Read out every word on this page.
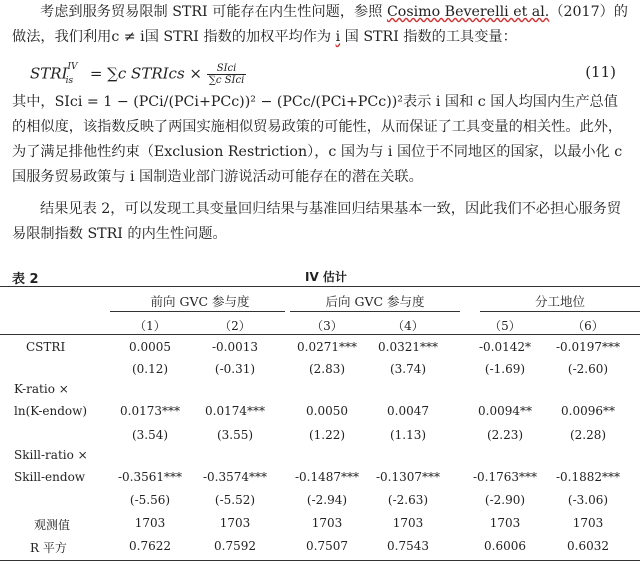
考虑到服务贸易限制 STRI 可能存在内生性问题，参照 Cosimo Beverelli et al.（2017）的做法，我们利用c ≠ i国 STRI 指数的加权平均作为 i 国 STRI 指数的工具变量：
$STRI^{IV}_{is} = \sum c$ STRIcs × $\frac{\text{SIci}}{\text{∑c SIci}}$	(11)
其中，SIci = 1 − (PCi/(PCi+PCc))² − (PCc/(PCi+PCc))²表示 i 国和 c 国人均国内生产总值的相似度，该指数反映了两国实施相似贸易政策的可能性，从而保证了工具变量的相关性。此外，为了满足排他性约束（Exclusion Restriction），c 国为与 i 国位于不同地区的国家，以最小化 c 国服务贸易政策与 i 国制造业部门游说活动可能存在的潜在关联。
结果见表 2，可以发现工具变量回归结果与基准回归结果基本一致，因此我们不必担心服务贸易限制指数 STRI 的内生性问题。
表 2	IV 估计
前向 GVC 参与度	后向 GVC 参与度	分工地位
（1）	（2）	（3）	（4）	（5）	（6）
CSTRI	0.0005	-0.0013	0.0271***	0.0321***	-0.0142*	-0.0197***
(0.12)	(-0.31)	(2.83)	(3.74)	(-1.69)	(-2.60)
K-ratio ×
ln(K-endow)	0.0173***	0.0174***	0.0050	0.0047	0.0094**	0.0096**
(3.54)	(3.55)	(1.22)	(1.13)	(2.23)	(2.28)
Skill-ratio ×
Skill-endow	-0.3561***	-0.3574***	-0.1487***	-0.1307***	-0.1763***	-0.1882***
(-5.56)	(-5.52)	(-2.94)	(-2.63)	(-2.90)	(-3.06)
观测值	1703	1703	1703	1703	1703	1703
R 平方	0.7622	0.7592	0.7507	0.7543	0.6006	0.6032
